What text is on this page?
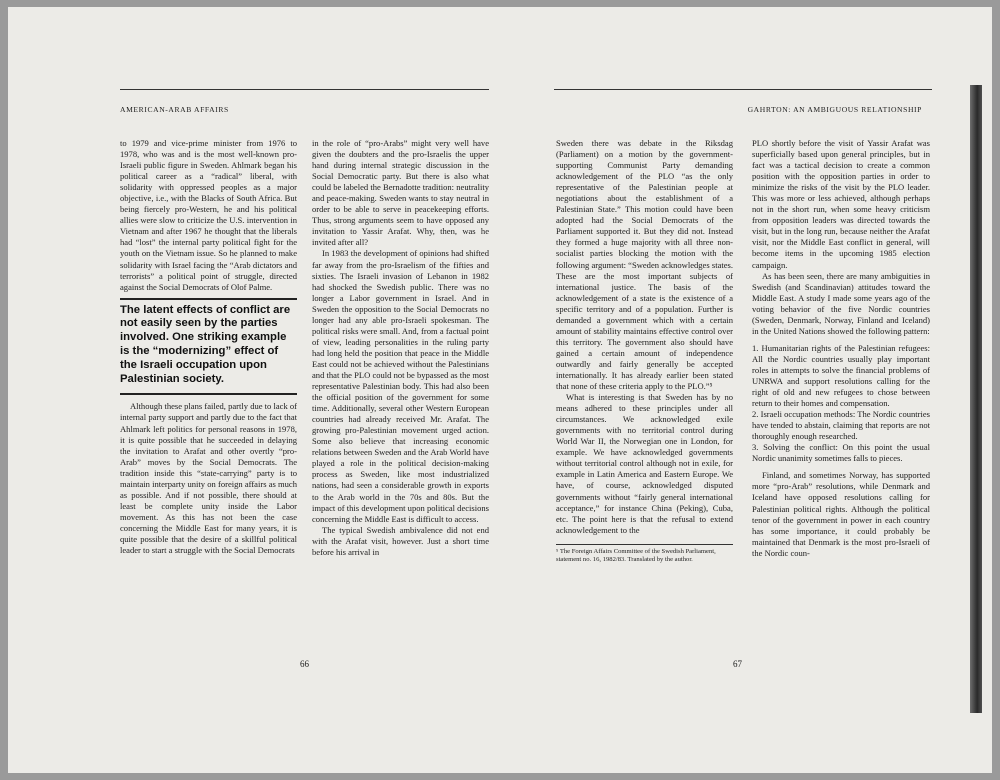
AMERICAN-ARAB AFFAIRS	GAHRTON: AN AMBIGUOUS RELATIONSHIP

to 1979 and vice-prime minister from 1976 to 1978, who was and is the most well-known pro-Israeli public figure in Sweden. Ahlmark began his political career as a “radical” liberal, with solidarity with oppressed peoples as a major objective, i.e., with the Blacks of South Africa. But being fiercely pro-Western, he and his political allies were slow to criticize the U.S. intervention in Vietnam and after 1967 he thought that the liberals had “lost” the internal party political fight for the youth on the Vietnam issue. So he planned to make solidarity with Israel facing the “Arab dictators and terrorists” a political point of struggle, directed against the Social Democrats of Olof Palme.

The latent effects of conflict are not easily seen by the parties involved. One striking example is the “modernizing” effect of the Israeli occupation upon Palestinian society.

Although these plans failed, partly due to lack of internal party support and partly due to the fact that Ahlmark left politics for personal reasons in 1978, it is quite possible that he succeeded in delaying the invitation to Arafat and other overtly “pro-Arab” moves by the Social Democrats. The tradition inside this “state-carrying” party is to maintain interparty unity on foreign affairs as much as possible. And if not possible, there should at least be complete unity inside the Labor movement. As this has not been the case concerning the Middle East for many years, it is quite possible that the desire of a skillful political leader to start a struggle with the Social Democrats

in the role of “pro-Arabs” might very well have given the doubters and the pro-Israelis the upper hand during internal strategic discussion in the Social Democratic party. But there is also what could be labeled the Bernadotte tradition: neutrality and peace-making. Sweden wants to stay neutral in order to be able to serve in peacekeeping efforts. Thus, strong arguments seem to have opposed any invitation to Yassir Arafat. Why, then, was he invited after all?

In 1983 the development of opinions had shifted far away from the pro-Israelism of the fifties and sixties. The Israeli invasion of Lebanon in 1982 had shocked the Swedish public. There was no longer a Labor government in Israel. And in Sweden the opposition to the Social Democrats no longer had any able pro-Israeli spokesman. The political risks were small. And, from a factual point of view, leading personalities in the ruling party had long held the position that peace in the Middle East could not be achieved without the Palestinians and that the PLO could not be bypassed as the most representative Palestinian body. This had also been the official position of the government for some time. Additionally, several other Western European countries had already received Mr. Arafat. The growing pro-Palestinian movement urged action. Some also believe that increasing economic relations between Sweden and the Arab World have played a role in the political decision-making process as Sweden, like most industrialized nations, had seen a considerable growth in exports to the Arab world in the 70s and 80s. But the impact of this development upon political decisions concerning the Middle East is difficult to access.

The typical Swedish ambivalence did not end with the Arafat visit, however. Just a short time before his arrival in

66

Sweden there was debate in the Riksdag (Parliament) on a motion by the government-supporting Communist Party demanding acknowledgement of the PLO “as the only representative of the Palestinian people at negotiations about the establishment of a Palestinian State.” This motion could have been adopted had the Social Democrats of the Parliament supported it. But they did not. Instead they formed a huge majority with all three non-socialist parties blocking the motion with the following argument: “Sweden acknowledges states. These are the most important subjects of international justice. The basis of the acknowledgement of a state is the existence of a specific territory and of a population. Further is demanded a government which with a certain amount of stability maintains effective control over this territory. The government also should have gained a certain amount of independence outwardly and fairly generally be accepted internationally. It has already earlier been stated that none of these criteria apply to the PLO.”⁵

What is interesting is that Sweden has by no means adhered to these principles under all circumstances. We acknowledged exile governments with no territorial control during World War II, the Norwegian one in London, for example. We have acknowledged governments without territorial control although not in exile, for example in Latin America and Eastern Europe. We have, of course, acknowledged disputed governments without “fairly general international acceptance,” for instance China (Peking), Cuba, etc. The point here is that the refusal to extend acknowledgement to the

⁵ The Foreign Affairs Committee of the Swedish Parliament, statement no. 16, 1982/83. Translated by the author.

PLO shortly before the visit of Yassir Arafat was superficially based upon general principles, but in fact was a tactical decision to create a common position with the opposition parties in order to minimize the risks of the visit by the PLO leader. This was more or less achieved, although perhaps not in the short run, when some heavy criticism from opposition leaders was directed towards the visit, but in the long run, because neither the Arafat visit, nor the Middle East conflict in general, will become items in the upcoming 1985 election campaign.

As has been seen, there are many ambiguities in Swedish (and Scandinavian) attitudes toward the Middle East. A study I made some years ago of the voting behavior of the five Nordic countries (Sweden, Denmark, Norway, Finland and Iceland) in the United Nations showed the following pattern:

1. Humanitarian rights of the Palestinian refugees: All the Nordic countries usually play important roles in attempts to solve the financial problems of UNRWA and support resolutions calling for the right of old and new refugees to chose between return to their homes and compensation.

2. Israeli occupation methods: The Nordic countries have tended to abstain, claiming that reports are not thoroughly enough researched.

3. Solving the conflict: On this point the usual Nordic unanimity sometimes falls to pieces.

Finland, and sometimes Norway, has supported more “pro-Arab” resolutions, while Denmark and Iceland have opposed resolutions calling for Palestinian political rights. Although the political tenor of the government in power in each country has some importance, it could probably be maintained that Denmark is the most pro-Israeli of the Nordic coun-

67
